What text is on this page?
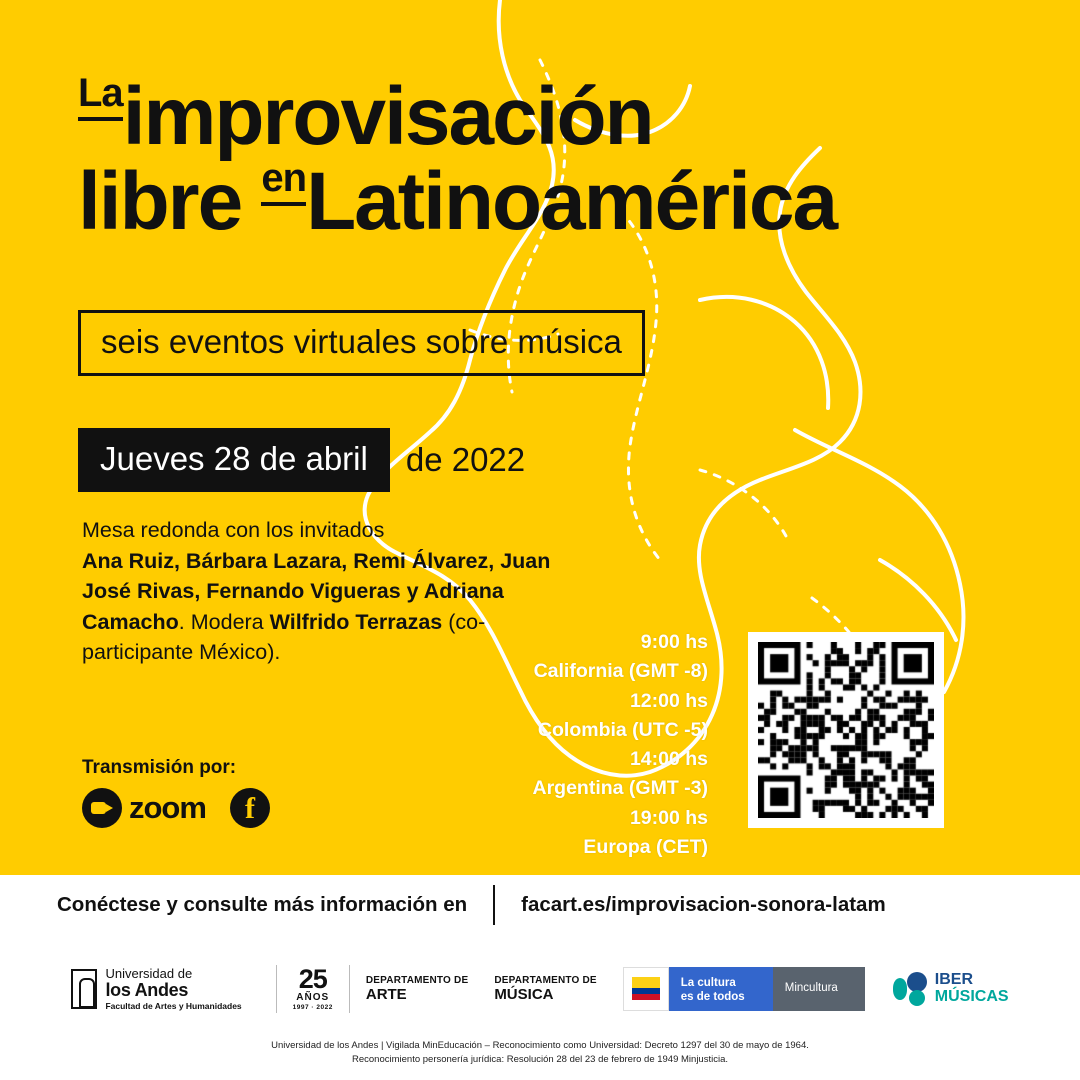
$^{La}$improvisación
libre $^{en}$Latinoamérica
seis eventos virtuales sobre música
Jueves 28 de abril	de 2022
Mesa redonda con los invitados
Ana Ruiz, Bárbara Lazara, Remi Álvarez, Juan José Rivas, Fernando Vigueras y Adriana Camacho. Modera Wilfrido Terrazas (co-participante México).
Transmisión por:
zoom	f
9:00 hs
California (GMT -8)
12:00 hs
Colombia (UTC -5)
14:00 hs
Argentina (GMT -3)
19:00 hs
Europa (CET)
Conéctese y consulte más información en	facart.es/improvisacion-sonora-latam
Universidad de
los Andes
Facultad de Artes y Humanidades
25
AÑOS
1997 · 2022
DEPARTAMENTO DE
ARTE
DEPARTAMENTO DE
MÚSICA
La cultura
es de todos
Mincultura	IBER
MÚSICAS
Universidad de los Andes | Vigilada MinEducación – Reconocimiento como Universidad: Decreto 1297 del 30 de mayo de 1964.
Reconocimiento personería jurídica: Resolución 28 del 23 de febrero de 1949 Minjusticia.
